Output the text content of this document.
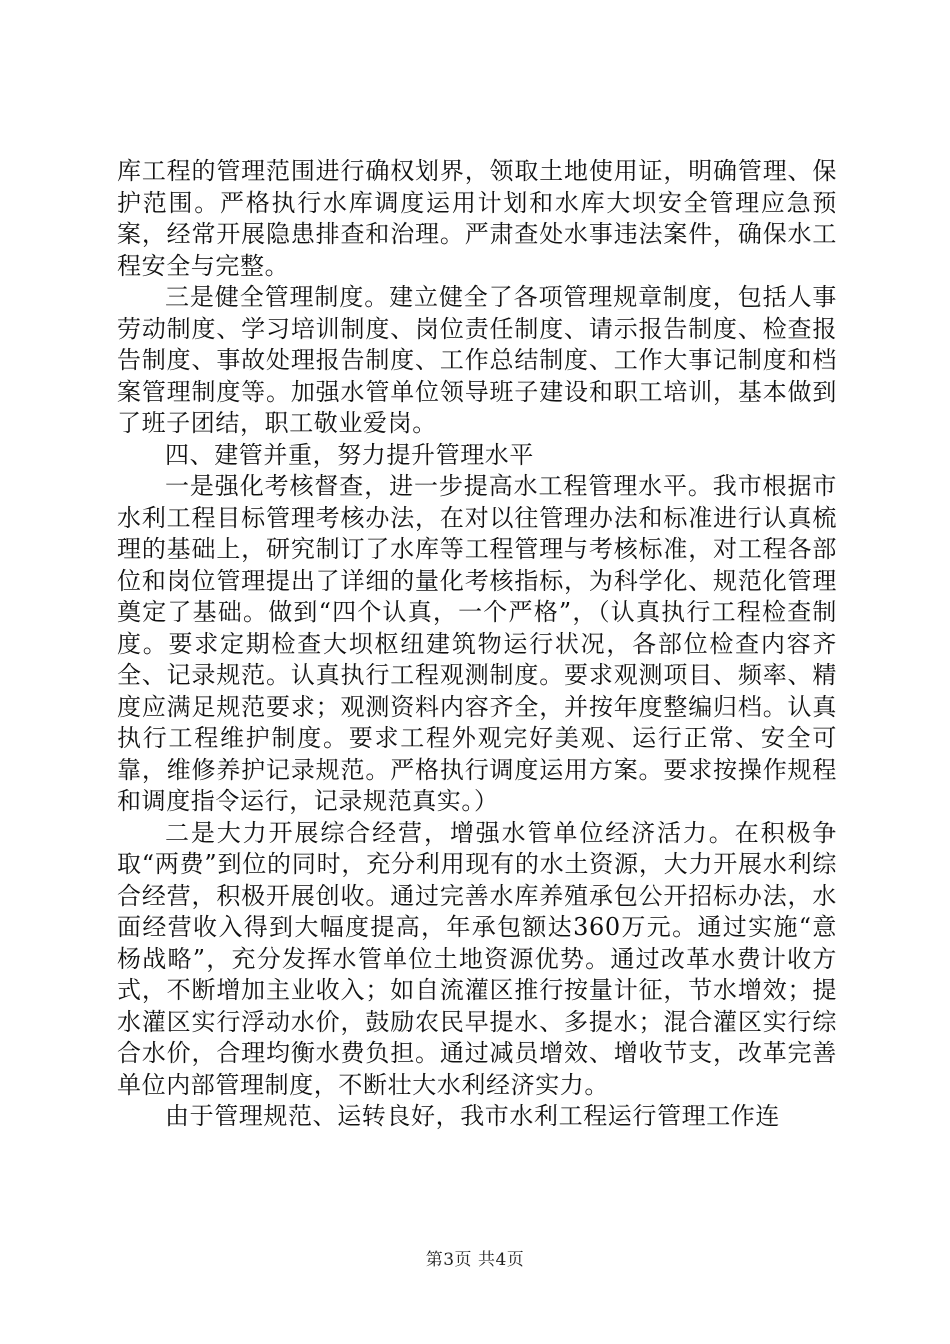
库工程的管理范围进行确权划界，领取土地使用证，明确管理、保护范围。严格执行水库调度运用计划和水库大坝安全管理应急预案，经常开展隐患排查和治理。严肃查处水事违法案件，确保水工程安全与完整。

三是健全管理制度。建立健全了各项管理规章制度，包括人事劳动制度、学习培训制度、岗位责任制度、请示报告制度、检查报告制度、事故处理报告制度、工作总结制度、工作大事记制度和档案管理制度等。加强水管单位领导班子建设和职工培训，基本做到了班子团结，职工敬业爱岗。

四、建管并重，努力提升管理水平

一是强化考核督查，进一步提高水工程管理水平。我市根据市水利工程目标管理考核办法，在对以往管理办法和标准进行认真梳理的基础上，研究制订了水库等工程管理与考核标准，对工程各部位和岗位管理提出了详细的量化考核指标，为科学化、规范化管理奠定了基础。做到“四个认真，一个严格”，（认真执行工程检查制度。要求定期检查大坝枢纽建筑物运行状况，各部位检查内容齐全、记录规范。认真执行工程观测制度。要求观测项目、频率、精度应满足规范要求；观测资料内容齐全，并按年度整编归档。认真执行工程维护制度。要求工程外观完好美观、运行正常、安全可靠，维修养护记录规范。严格执行调度运用方案。要求按操作规程和调度指令运行，记录规范真实。）

二是大力开展综合经营，增强水管单位经济活力。在积极争取“两费”到位的同时，充分利用现有的水土资源，大力开展水利综合经营，积极开展创收。通过完善水库养殖承包公开招标办法，水面经营收入得到大幅度提高，年承包额达360万元。通过实施“意杨战略”，充分发挥水管单位土地资源优势。通过改革水费计收方式，不断增加主业收入；如自流灌区推行按量计征，节水增效；提水灌区实行浮动水价，鼓励农民早提水、多提水；混合灌区实行综合水价，合理均衡水费负担。通过减员增效、增收节支，改革完善单位内部管理制度，不断壮大水利经济实力。

由于管理规范、运转良好，我市水利工程运行管理工作连

第3页 共4页
